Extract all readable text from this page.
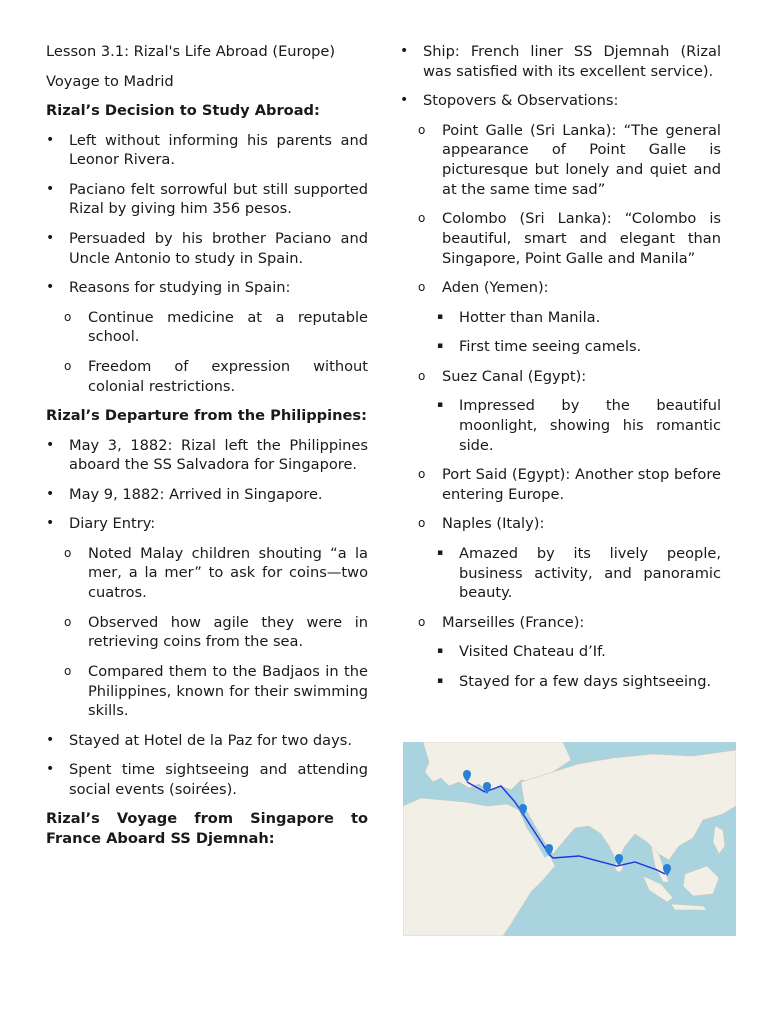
Lesson 3.1: Rizal's Life Abroad (Europe)

Voyage to Madrid

Rizal’s Decision to Study Abroad:

• Left without informing his parents and Leonor Rivera.
• Paciano felt sorrowful but still supported Rizal by giving him 356 pesos.
• Persuaded by his brother Paciano and Uncle Antonio to study in Spain.
• Reasons for studying in Spain:
o Continue medicine at a reputable school.
o Freedom of expression without colonial restrictions.

Rizal’s Departure from the Philippines:

• May 3, 1882: Rizal left the Philippines aboard the SS Salvadora for Singapore.
• May 9, 1882: Arrived in Singapore.
• Diary Entry:
o Noted Malay children shouting “a la mer, a la mer” to ask for coins—two cuatros.
o Observed how agile they were in retrieving coins from the sea.
o Compared them to the Badjaos in the Philippines, known for their swimming skills.
• Stayed at Hotel de la Paz for two days.
• Spent time sightseeing and attending social events (soirées).

Rizal’s Voyage from Singapore to France Aboard SS Djemnah:

• Ship: French liner SS Djemnah (Rizal was satisfied with its excellent service).
• Stopovers & Observations:
o Point Galle (Sri Lanka): “The general appearance of Point Galle is picturesque but lonely and quiet and at the same time sad”
o Colombo (Sri Lanka): “Colombo is beautiful, smart and elegant than Singapore, Point Galle and Manila”
o Aden (Yemen):
▪ Hotter than Manila.
▪ First time seeing camels.
o Suez Canal (Egypt):
▪ Impressed by the beautiful moonlight, showing his romantic side.
o Port Said (Egypt): Another stop before entering Europe.
o Naples (Italy):
▪ Amazed by its lively people, business activity, and panoramic beauty.
o Marseilles (France):
▪ Visited Chateau d’If.
▪ Stayed for a few days sightseeing.
